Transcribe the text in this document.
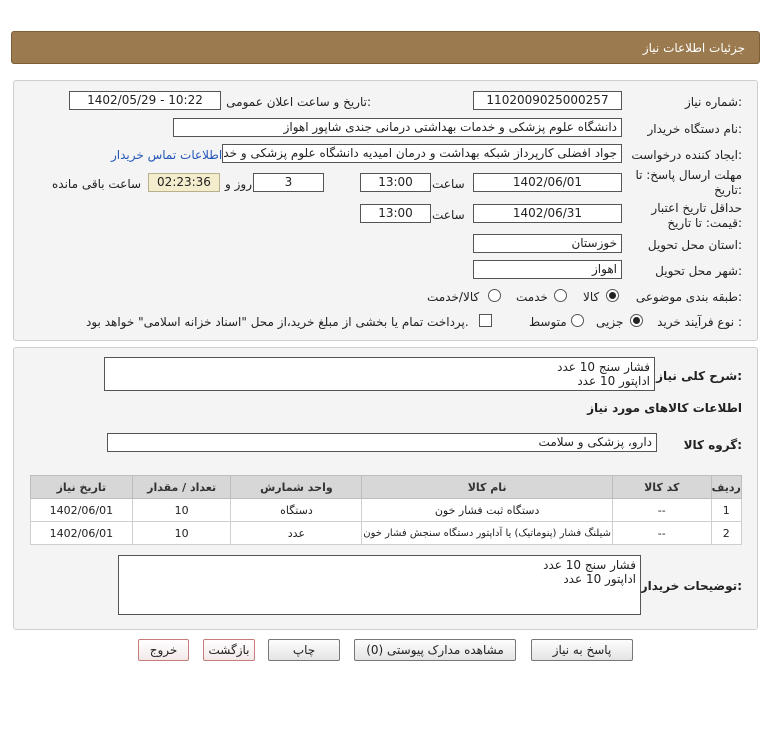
جزئیات اطلاعات نیاز
شماره نیاز:
1102009025000257
تاریخ و ساعت اعلان عمومی:
1402/05/29 - 10:22
نام دستگاه خریدار:
دانشگاه علوم پزشکی و خدمات بهداشتی درمانی جندی شاپور اهواز
ایجاد کننده درخواست:
جواد افضلی کارپرداز شبکه بهداشت و درمان امیدیه دانشگاه علوم پزشکی و خد
اطلاعات تماس خریدار
مهلت ارسال پاسخ: تا
تاریخ:
1402/06/01
ساعت
13:00
3
روز و
02:23:36
ساعت باقی مانده
حداقل تاریخ اعتبار
قیمت: تا تاریخ:
1402/06/31
ساعت
13:00
استان محل تحویل:
خوزستان
شهر محل تحویل:
اهواز
طبقه بندی موضوعی:
کالا
خدمت
کالا/خدمت
نوع فرآیند خرید :
جزیی
متوسط
پرداخت تمام یا بخشی از مبلغ خرید،از محل "اسناد خزانه اسلامی" خواهد بود.
شرح کلی نیاز:
فشار سنج 10 عدد
اداپتور 10 عدد
اطلاعات کالاهای مورد نیاز
گروه کالا:
دارو، پزشکی و سلامت
ردیف	کد کالا	نام کالا	واحد شمارش	تعداد / مقدار	تاریخ نیاز
1	--	دستگاه ثبت فشار خون	دستگاه	10	1402/06/01
2	--	شیلنگ فشار (پنوماتیک) یا آداپتور دستگاه سنجش فشار خون	عدد	10	1402/06/01
توضیحات خریدار:
فشار سنج 10 عدد
اداپتور 10 عدد
پاسخ به نیاز
مشاهده مدارک پیوستی (0)
چاپ
بازگشت
خروج
